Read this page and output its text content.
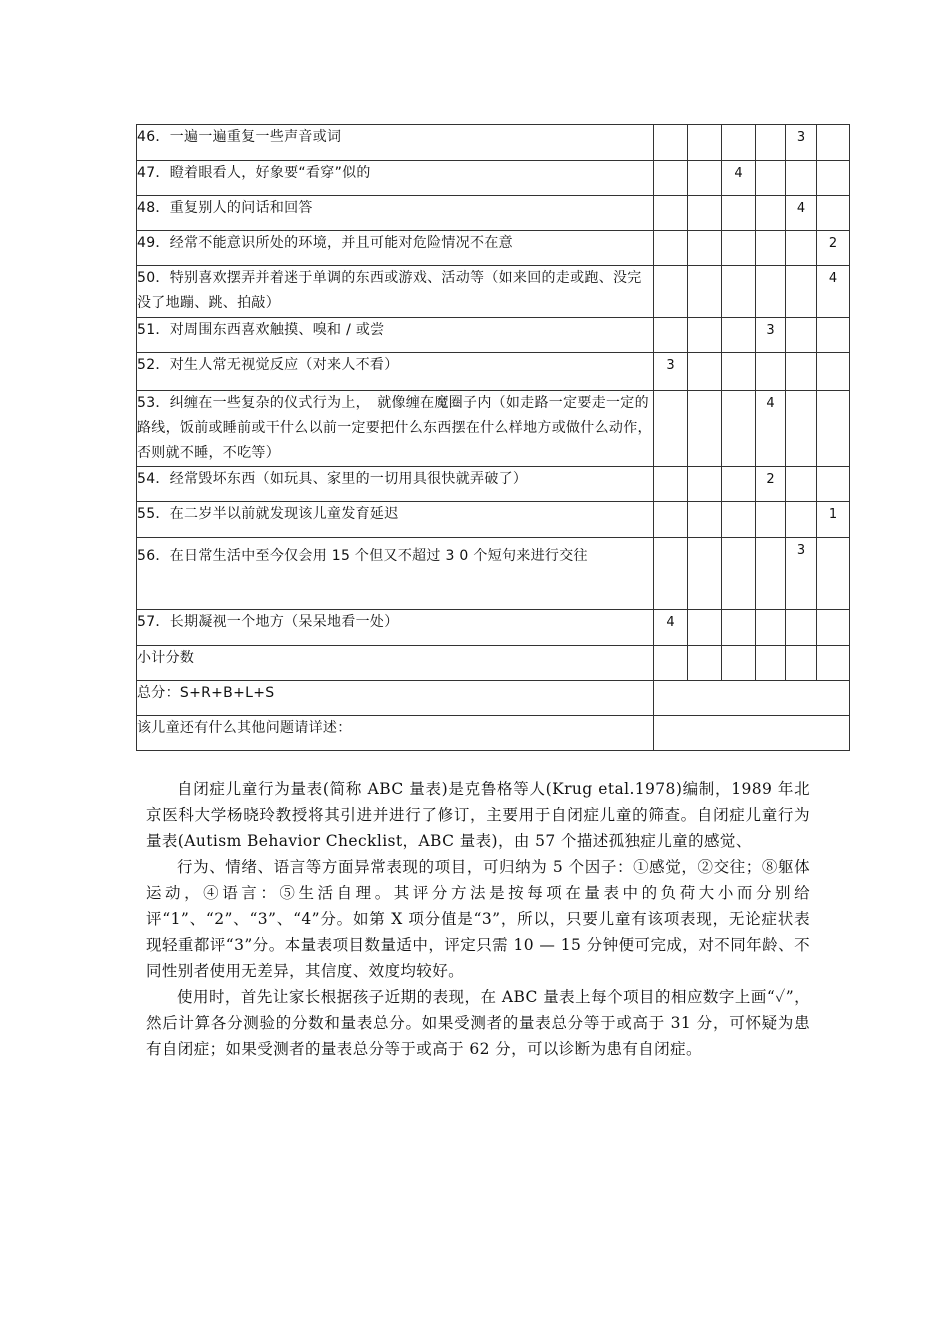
46．一遍一遍重复一些声音或词					3	
47．瞪着眼看人，好象要“看穿”似的			4			
48．重复别人的问话和回答					4	
49．经常不能意识所处的环境，并且可能对危险情况不在意						2
50．特别喜欢摆弄并着迷于单调的东西或游戏、活动等（如来回的走或跑、没完没了地蹦、跳、拍敲）						4
51．对周围东西喜欢触摸、嗅和 / 或尝				3		
52．对生人常无视觉反应（对来人不看）	3					
53．纠缠在一些复杂的仪式行为上，　就像缠在魔圈子内（如走路一定要走一定的路线，饭前或睡前或干什么以前一定要把什么东西摆在什么样地方或做什么动作，否则就不睡，不吃等）				4		
54．经常毁坏东西（如玩具、家里的一切用具很快就弄破了）				2		
55．在二岁半以前就发现该儿童发育延迟						1
56．在日常生活中至今仅会用 15 个但又不超过 3 0 个短句来进行交往					3	
57．长期凝视一个地方（呆呆地看一处）	4					
小计分数						
总分：S+R+B+L+S						
该儿童还有什么其他问题请详述：						

自闭症儿童行为量表(简称 ABC 量表)是克鲁格等人(Krug etal.1978)编制，1989 年北京医科大学杨晓玲教授将其引进并进行了修订，主要用于自闭症儿童的筛查。自闭症儿童行为量表(Autism Behavior Checklist，ABC 量表)，由 57 个描述孤独症儿童的感觉、

行为、情绪、语言等方面异常表现的项目，可归纳为 5 个因子：①感觉，②交往；⑧躯体运动，④语言：⑤生活自理。其评分方法是按每项在量表中的负荷大小而分别给评“1”、“2”、“3”、“4”分。如第 X 项分值是“3”，所以，只要儿童有该项表现，无论症状表现轻重都评“3”分。本量表项目数量适中，评定只需 10 — 15 分钟便可完成，对不同年龄、不同性别者使用无差异，其信度、效度均较好。

使用时，首先让家长根据孩子近期的表现，在 ABC 量表上每个项目的相应数字上画“✓”，然后计算各分测验的分数和量表总分。如果受测者的量表总分等于或高于 31 分，可怀疑为患有自闭症；如果受测者的量表总分等于或高于 62 分，可以诊断为患有自闭症。
